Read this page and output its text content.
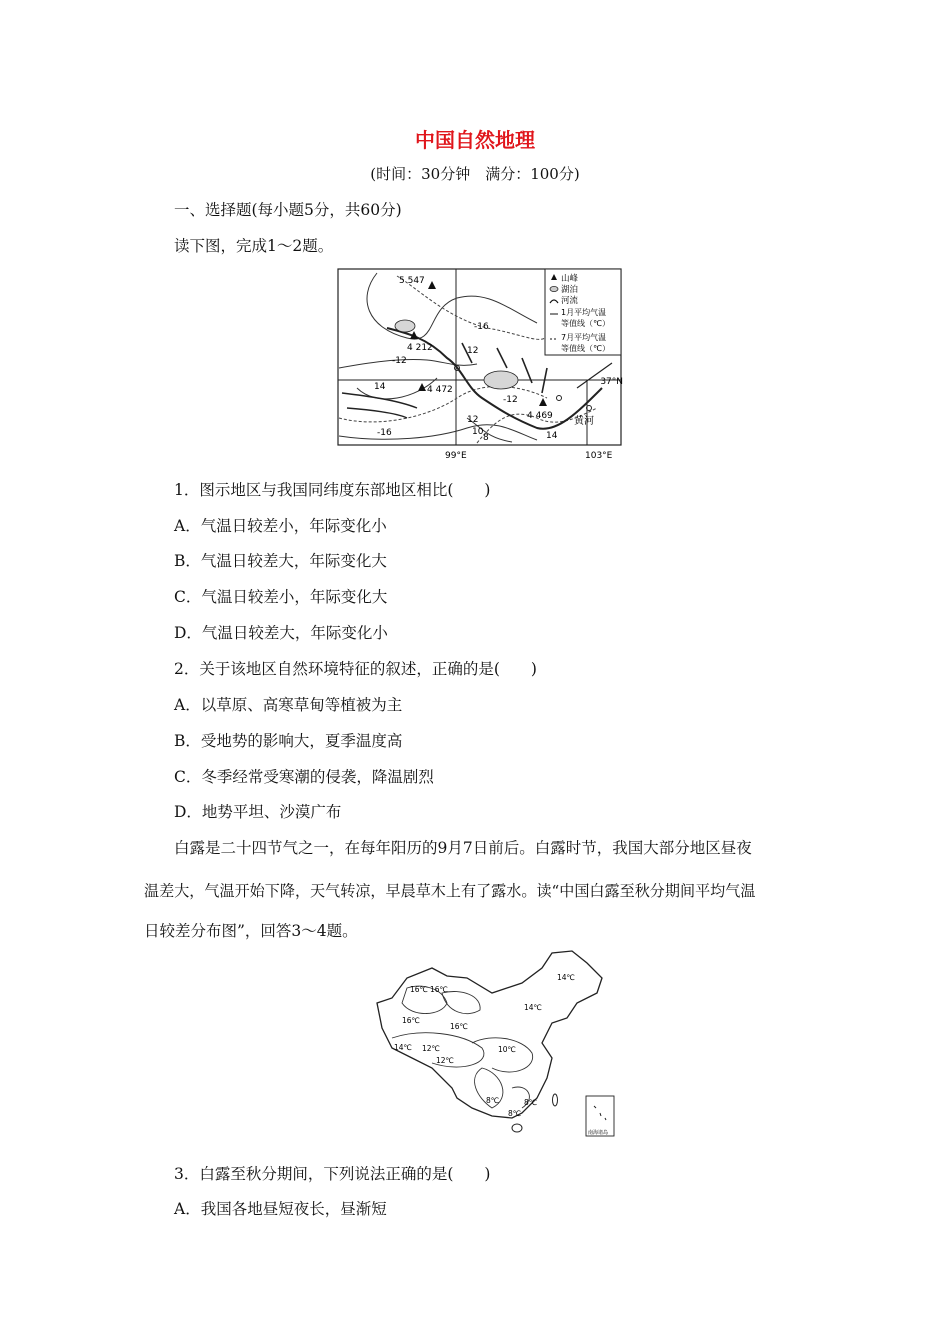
中国自然地理
(时间：30分钟　满分：100分)
一、选择题(每小题5分，共60分)
读下图，完成1～2题。
山峰
湖泊
河流
1月平均气温
等值线（℃）
7月平均气温
等值线（℃）
5 547
4 212
4 472
4 469
-16
-12
12
14
-12
12
10
8
-16	14
黄河
37°N
99°E	103°E
1．图示地区与我国同纬度东部地区相比(　　)
A．气温日较差小，年际变化小
B．气温日较差大，年际变化大
C．气温日较差小，年际变化大
D．气温日较差大，年际变化小
2．关于该地区自然环境特征的叙述，正确的是(　　)
A．以草原、高寒草甸等植被为主
B．受地势的影响大，夏季温度高
C．冬季经常受寒潮的侵袭，降温剧烈
D．地势平坦、沙漠广布
白露是二十四节气之一，在每年阳历的9月7日前后。白露时节，我国大部分地区昼夜
温差大，气温开始下降，天气转凉，早晨草木上有了露水。读“中国白露至秋分期间平均气温
日较差分布图”，回答3～4题。
14℃
16℃ 16℃
16℃
16℃
14℃
14℃ 12℃
12℃
10℃
8℃
8℃
8℃
南海诸岛
3．白露至秋分期间，下列说法正确的是(　　)
A．我国各地昼短夜长，昼渐短
